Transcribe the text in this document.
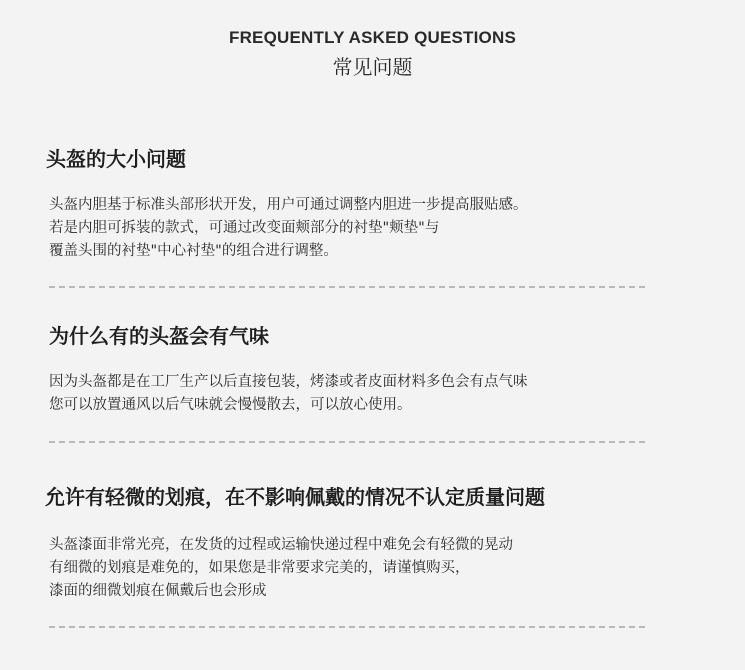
FREQUENTLY ASKED QUESTIONS
常见问题
头盔的大小问题
头盔内胆基于标准头部形状开发，用户可通过调整内胆进一步提高服贴感。
若是内胆可拆装的款式，可通过改变面颊部分的衬垫"颊垫"与
覆盖头围的衬垫"中心衬垫"的组合进行调整。
为什么有的头盔会有气味
因为头盔都是在工厂生产以后直接包装，烤漆或者皮面材料多色会有点气味
您可以放置通风以后气味就会慢慢散去，可以放心使用。
允许有轻微的划痕，在不影响佩戴的情况不认定质量问题
头盔漆面非常光亮，在发货的过程或运输快递过程中难免会有轻微的晃动
有细微的划痕是难免的，如果您是非常要求完美的，请谨慎购买，
漆面的细微划痕在佩戴后也会形成
